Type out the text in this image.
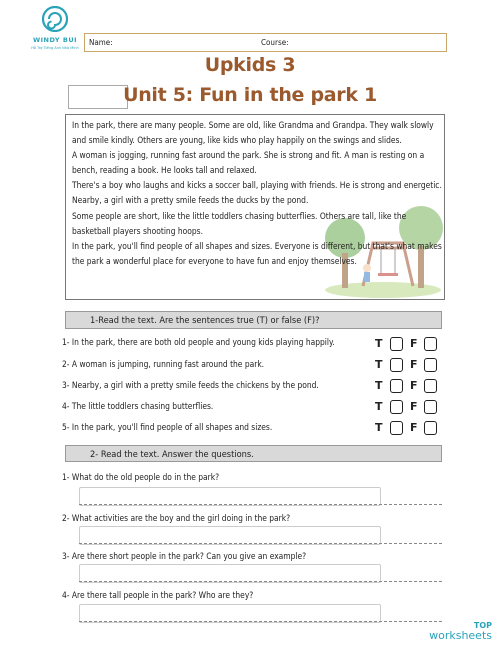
WINDY BUI
Hỗ Trợ Tiếng Anh Nhà Mình
Name:	Course:
Upkids 3
Unit 5: Fun in the park 1

In the park, there are many people. Some are old, like Grandma and Grandpa. They walk slowly and smile kindly. Others are young, like kids who play happily on the swings and slides.

A woman is jogging, running fast around the park. She is strong and fit. A man is resting on a bench, reading a book. He looks tall and relaxed.

There's a boy who laughs and kicks a soccer ball, playing with friends. He is strong and energetic. Nearby, a girl with a pretty smile feeds the ducks by the pond.

Some people are short, like the little toddlers chasing butterflies. Others are tall, like the basketball players shooting hoops.

In the park, you'll find people of all shapes and sizes. Everyone is different, but that's what makes the park a wonderful place for everyone to have fun and enjoy themselves.

1-Read the text. Are the sentences true (T) or false (F)?
1- In the park, there are both old people and young kids playing happily.
2- A woman is jumping, running fast around the park.
3- Nearby, a girl with a pretty smile feeds the chickens by the pond.
4- The little toddlers chasing butterflies.
5- In the park, you'll find people of all shapes and sizes.
T F
T F
T F
T F
T F
2- Read the text. Answer the questions.
1- What do the old people do in the park?
2- What activities are the boy and the girl doing in the park?
3- Are there short people in the park? Can you give an example?
4- Are there tall people in the park? Who are they?
TOP
worksheets
